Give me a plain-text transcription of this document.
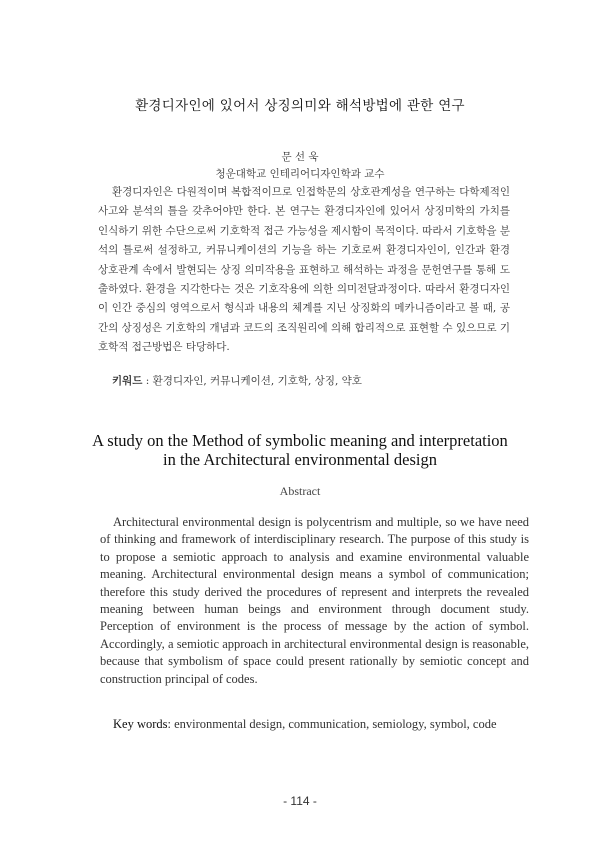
환경디자인에 있어서 상징의미와 해석방법에 관한 연구
문 선 욱
청운대학교 인테리어디자인학과 교수
환경디자인은 다원적이며 복합적이므로 인접학문의 상호관계성을 연구하는 다학제적인 사고와 분석의 틀을 갖추어야만 한다. 본 연구는 환경디자인에 있어서 상징미학의 가치를 인식하기 위한 수단으로써 기호학적 접근 가능성을 제시함이 목적이다. 따라서 기호학을 분석의 틀로써 설정하고, 커뮤니케이션의 기능을 하는 기호로써 환경디자인이, 인간과 환경 상호관계 속에서 발현되는 상징 의미작용을 표현하고 해석하는 과정을 문헌연구를 통해 도출하였다. 환경을 지각한다는 것은 기호작용에 의한 의미전달과정이다. 따라서 환경디자인이 인간 중심의 영역으로서 형식과 내용의 체계를 지닌 상징화의 메카니즘이라고 볼 때, 공간의 상징성은 기호학의 개념과 코드의 조직원리에 의해 합리적으로 표현할 수 있으므로 기호학적 접근방법은 타당하다.
키워드 : 환경디자인, 커뮤니케이션, 기호학, 상징, 약호
A study on the Method of symbolic meaning and interpretation
in the Architectural environmental design
Abstract
Architectural environmental design is polycentrism and multiple, so we have need of thinking and framework of interdisciplinary research. The purpose of this study is to propose a semiotic approach to analysis and examine environmental valuable meaning. Architectural environmental design means a symbol of communication; therefore this study derived the procedures of represent and interprets the revealed meaning between human beings and environment through document study. Perception of environment is the process of message by the action of symbol. Accordingly, a semiotic approach in architectural environmental design is reasonable, because that symbolism of space could present rationally by semiotic concept and construction principal of codes.
Key words: environmental design, communication, semiology, symbol, code
- 114 -
